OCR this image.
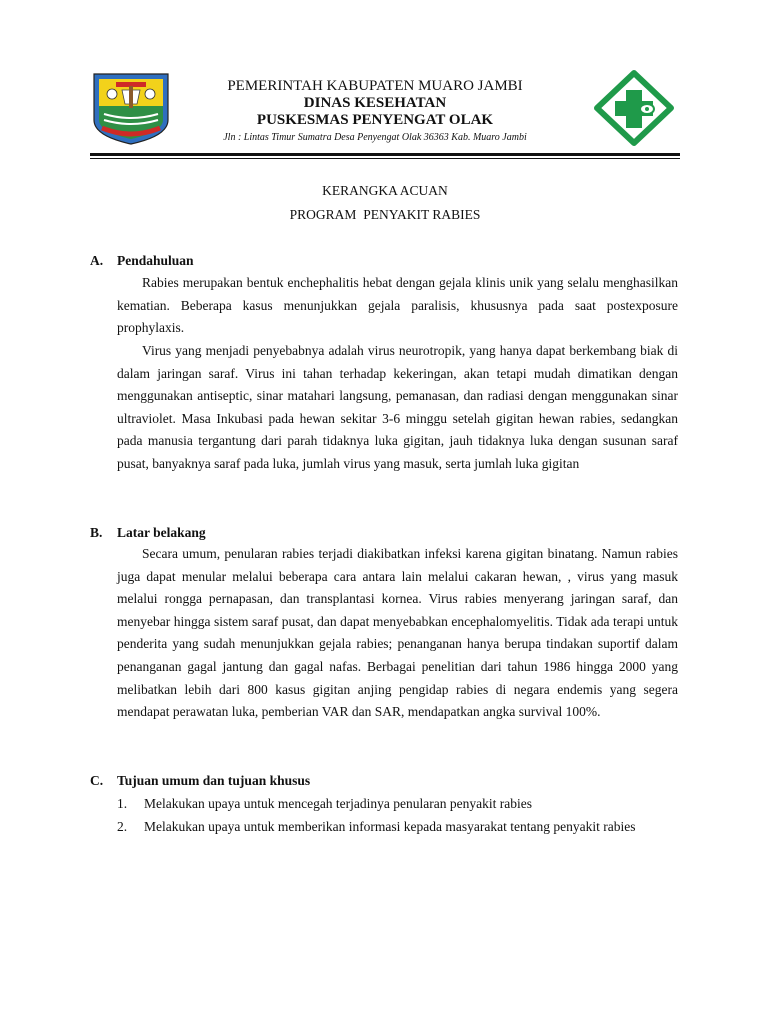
PEMERINTAH KABUPATEN MUARO JAMBI
DINAS KESEHATAN
PUSKESMAS PENYENGAT OLAK
Jln : Lintas Timur Sumatra Desa Penyengat Olak 36363 Kab. Muaro Jambi
KERANGKA ACUAN
PROGRAM  PENYAKIT RABIES
A. Pendahuluan

Rabies merupakan bentuk enchephalitis hebat dengan gejala klinis unik yang selalu menghasilkan kematian. Beberapa kasus menunjukkan gejala paralisis, khususnya pada saat postexposure prophylaxis.

Virus yang menjadi penyebabnya adalah virus neurotropik, yang hanya dapat berkembang biak di dalam jaringan saraf. Virus ini tahan terhadap kekeringan, akan tetapi mudah dimatikan dengan menggunakan antiseptic, sinar matahari langsung, pemanasan, dan radiasi dengan menggunakan sinar ultraviolet. Masa Inkubasi pada hewan sekitar 3-6 minggu setelah gigitan hewan rabies, sedangkan pada manusia tergantung dari parah tidaknya luka gigitan, jauh tidaknya luka dengan susunan saraf pusat, banyaknya saraf pada luka, jumlah virus yang masuk, serta jumlah luka gigitan

B. Latar belakang

Secara umum, penularan rabies terjadi diakibatkan infeksi karena gigitan binatang. Namun rabies juga dapat menular melalui beberapa cara antara lain melalui cakaran hewan, , virus yang masuk melalui rongga pernapasan, dan transplantasi kornea. Virus rabies menyerang jaringan saraf, dan menyebar hingga sistem saraf pusat, dan dapat menyebabkan encephalomyelitis. Tidak ada terapi untuk penderita yang sudah menunjukkan gejala rabies; penanganan hanya berupa tindakan suportif dalam penanganan gagal jantung dan gagal nafas. Berbagai penelitian dari tahun 1986 hingga 2000 yang melibatkan lebih dari 800 kasus gigitan anjing pengidap rabies di negara endemis yang segera mendapat perawatan luka, pemberian VAR dan SAR, mendapatkan angka survival 100%.

C. Tujuan umum dan tujuan khusus
1. Melakukan upaya untuk mencegah terjadinya penularan penyakit rabies
2. Melakukan upaya untuk memberikan informasi kepada masyarakat tentang penyakit rabies
